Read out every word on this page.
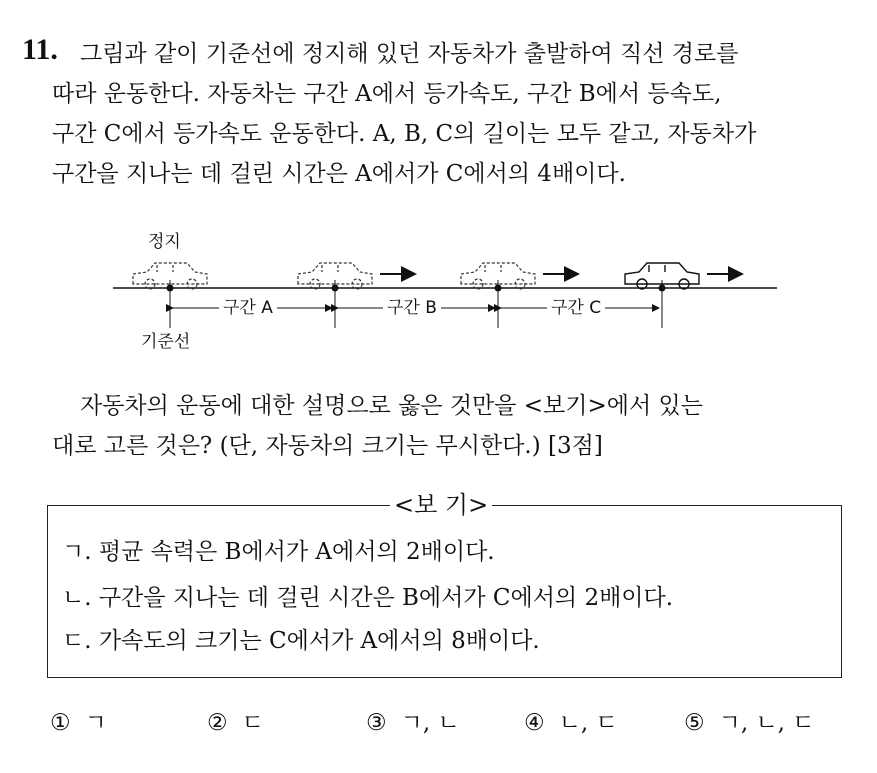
11. 그림과 같이 기준선에 정지해 있던 자동차가 출발하여 직선 경로를
따라 운동한다. 자동차는 구간 A에서 등가속도, 구간 B에서 등속도,
구간 C에서 등가속도 운동한다. A, B, C의 길이는 모두 같고, 자동차가
구간을 지나는 데 걸린 시간은 A에서가 C에서의 4배이다.
정지
기준선
구간 A	구간 B	구간 C
자동차의 운동에 대한 설명으로 옳은 것만을 <보기>에서 있는
대로 고른 것은? (단, 자동차의 크기는 무시한다.) [3점]
<보 기>
ㄱ. 평균 속력은 B에서가 A에서의 2배이다.
ㄴ. 구간을 지나는 데 걸린 시간은 B에서가 C에서의 2배이다.
ㄷ. 가속도의 크기는 C에서가 A에서의 8배이다.
① ㄱ	② ㄷ	③ ㄱ, ㄴ	④ ㄴ, ㄷ	⑤ ㄱ, ㄴ, ㄷ
